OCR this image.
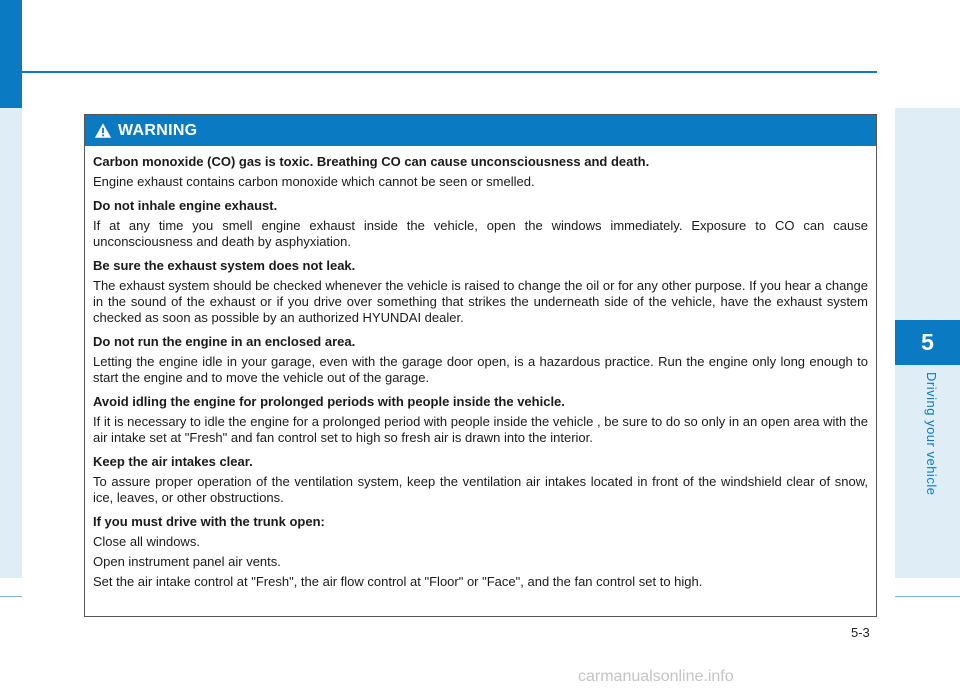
5
Driving your vehicle
WARNING

Carbon monoxide (CO) gas is toxic. Breathing CO can cause unconsciousness and death.

Engine exhaust contains carbon monoxide which cannot be seen or smelled.

Do not inhale engine exhaust.

If at any time you smell engine exhaust inside the vehicle, open the windows immediately. Exposure to CO can cause unconsciousness and death by asphyxiation.

Be sure the exhaust system does not leak.

The exhaust system should be checked whenever the vehicle is raised to change the oil or for any other purpose. If you hear a change in the sound of the exhaust or if you drive over something that strikes the underneath side of the vehicle, have the exhaust system checked as soon as possible by an authorized HYUNDAI dealer.

Do not run the engine in an enclosed area.

Letting the engine idle in your garage, even with the garage door open, is a hazardous practice. Run the engine only long enough to start the engine and to move the vehicle out of the garage.

Avoid idling the engine for prolonged periods with people inside the vehicle.

If it is necessary to idle the engine for a prolonged period with people inside the vehicle , be sure to do so only in an open area with the air intake set at "Fresh" and fan control set to high so fresh air is drawn into the interior.

Keep the air intakes clear.

To assure proper operation of the ventilation system, keep the ventilation air intakes located in front of the windshield clear of snow, ice, leaves, or other obstructions.

If you must drive with the trunk open:

Close all windows.

Open instrument panel air vents.

Set the air intake control at "Fresh", the air flow control at "Floor" or "Face", and the fan control set to high.

5-3
carmanualsonline.info
